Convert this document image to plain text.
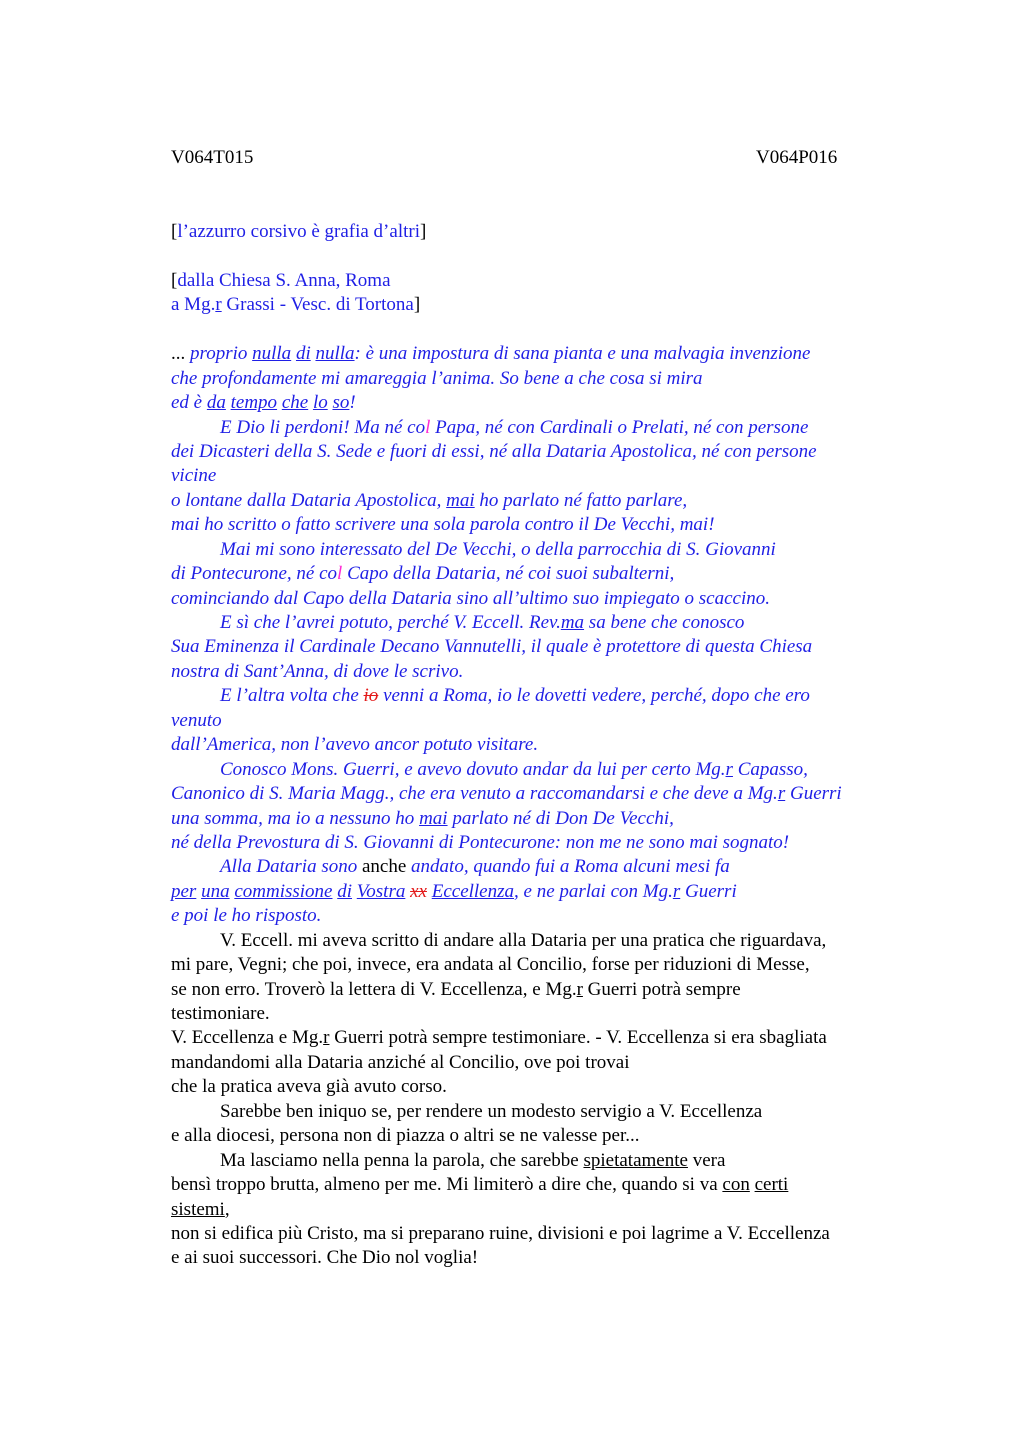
V064T015	V064P016
[l’azzurro corsivo è grafia d’altri]
[dalla Chiesa S. Anna, Roma
a Mg.r Grassi - Vesc. di Tortona]
... proprio nulla di nulla: è una impostura di sana pianta e una malvagia invenzione
che profondamente mi amareggia l’anima. So bene a che cosa si mira
ed è da tempo che lo so!
E Dio li perdoni! Ma né col Papa, né con Cardinali o Prelati, né con persone
dei Dicasteri della S. Sede e fuori di essi, né alla Dataria Apostolica, né con persone
vicine
o lontane dalla Dataria Apostolica, mai ho parlato né fatto parlare,
mai ho scritto o fatto scrivere una sola parola contro il De Vecchi, mai!
Mai mi sono interessato del De Vecchi, o della parrocchia di S. Giovanni
di Pontecurone, né col Capo della Dataria, né coi suoi subalterni,
cominciando dal Capo della Dataria sino all’ultimo suo impiegato o scaccino.
E sì che l’avrei potuto, perché V. Eccell. Rev.ma sa bene che conosco
Sua Eminenza il Cardinale Decano Vannutelli, il quale è protettore di questa Chiesa
nostra di Sant’Anna, di dove le scrivo.
E l’altra volta che io venni a Roma, io le dovetti vedere, perché, dopo che ero
venuto
dall’America, non l’avevo ancor potuto visitare.
Conosco Mons. Guerri, e avevo dovuto andar da lui per certo Mg.r Capasso,
Canonico di S. Maria Magg., che era venuto a raccomandarsi e che deve a Mg.r Guerri
una somma, ma io a nessuno ho mai parlato né di Don De Vecchi,
né della Prevostura di S. Giovanni di Pontecurone: non me ne sono mai sognato!
Alla Dataria sono anche andato, quando fui a Roma alcuni mesi fa
per una commissione di Vostra xx Eccellenza, e ne parlai con Mg.r Guerri
e poi le ho risposto.
V. Eccell. mi aveva scritto di andare alla Dataria per una pratica che riguardava,
mi pare, Vegni; che poi, invece, era andata al Concilio, forse per riduzioni di Messe,
se non erro. Troverò la lettera di V. Eccellenza, e Mg.r Guerri potrà sempre
testimoniare.
V. Eccellenza e Mg.r Guerri potrà sempre testimoniare. - V. Eccellenza si era sbagliata
mandandomi alla Dataria anziché al Concilio, ove poi trovai
che la pratica aveva già avuto corso.
Sarebbe ben iniquo se, per rendere un modesto servigio a V. Eccellenza
e alla diocesi, persona non di piazza o altri se ne valesse per...
Ma lasciamo nella penna la parola, che sarebbe spietatamente vera
bensì troppo brutta, almeno per me. Mi limiterò a dire che, quando si va con certi
sistemi,
non si edifica più Cristo, ma si preparano ruine, divisioni e poi lagrime a V. Eccellenza
e ai suoi successori. Che Dio nol voglia!
